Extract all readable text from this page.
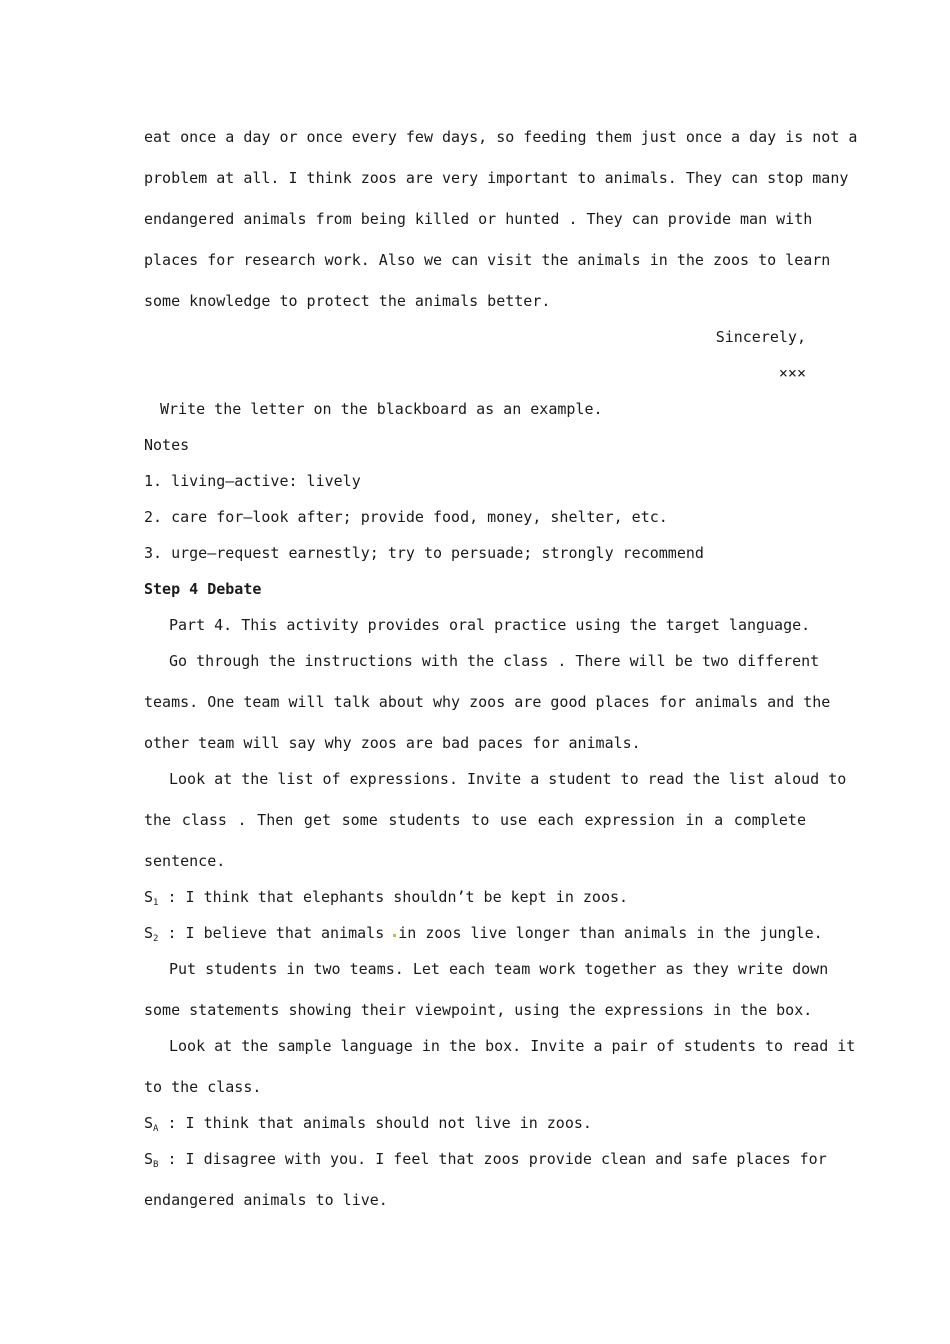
eat once a day or once every few days, so feeding them just once a day is not a
problem at all. I think zoos are very important to animals. They can stop many
endangered animals from being killed or hunted . They can provide man with
places for research work. Also we can visit the animals in the zoos to learn
some knowledge to protect the animals better.
Sincerely,
×××
Write the letter on the blackboard as an example.
Notes
1. living—active: lively
2. care for—look after; provide food, money, shelter, etc.
3. urge—request earnestly; try to persuade; strongly recommend
Step 4 Debate
Part 4. This activity provides oral practice using the target language.
Go through the instructions with the class . There will be two different
teams. One team will talk about why zoos are good places for animals and the
other team will say why zoos are bad paces for animals.
Look at the list of expressions. Invite a student to read the list aloud to
the class . Then get some students to use each expression in a complete
sentence.
$S_1$ : I think that elephants shouldn’t be kept in zoos.
$S_2$ : I believe that animals in zoos live longer than animals in the jungle.
Put students in two teams. Let each team work together as they write down
some statements showing their viewpoint, using the expressions in the box.
Look at the sample language in the box. Invite a pair of students to read it
to the class.
$S_A$ : I think that animals should not live in zoos.
$S_B$ : I disagree with you. I feel that zoos provide clean and safe places for
endangered animals to live.
